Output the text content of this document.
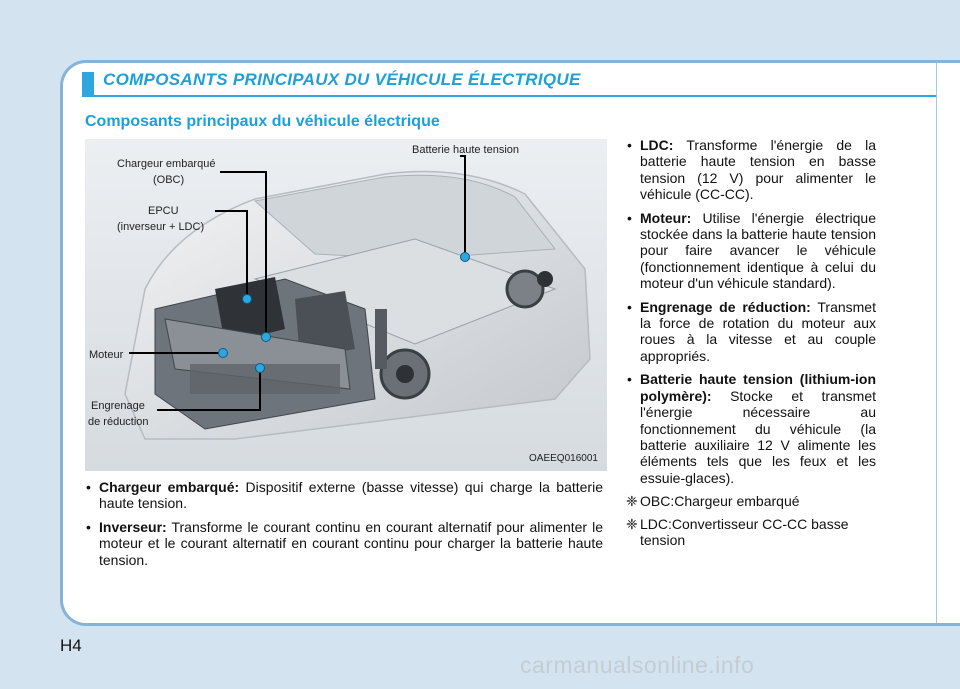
COMPOSANTS PRINCIPAUX DU VÉHICULE ÉLECTRIQUE
Composants principaux du véhicule électrique
Chargeur embarqué
(OBC)
EPCU
(inverseur + LDC)
Batterie haute tension
Moteur
Engrenage
de réduction
OAEEQ016001
• Chargeur embarqué: Dispositif externe (basse vitesse) qui charge la batterie haute tension.
• Inverseur: Transforme le courant continu en courant alternatif pour alimenter le moteur et le courant alternatif en courant continu pour charger la batterie haute tension.
• LDC: Transforme l'énergie de la batterie haute tension en basse tension (12 V) pour alimenter le véhicule (CC-CC).
• Moteur: Utilise l'énergie électrique stockée dans la batterie haute tension pour faire avancer le véhicule (fonctionnement identique à celui du moteur d'un véhicule standard).
• Engrenage de réduction: Transmet la force de rotation du moteur aux roues à la vitesse et au couple appropriés.
• Batterie haute tension (lithium-ion polymère): Stocke et transmet l'énergie nécessaire au fonctionnement du véhicule (la batterie auxiliaire 12 V alimente les éléments tels que les feux et les essuie-glaces).
❈ OBC:Chargeur embarqué
❈ LDC:Convertisseur CC-CC basse tension
H4
carmanualsonline.info
